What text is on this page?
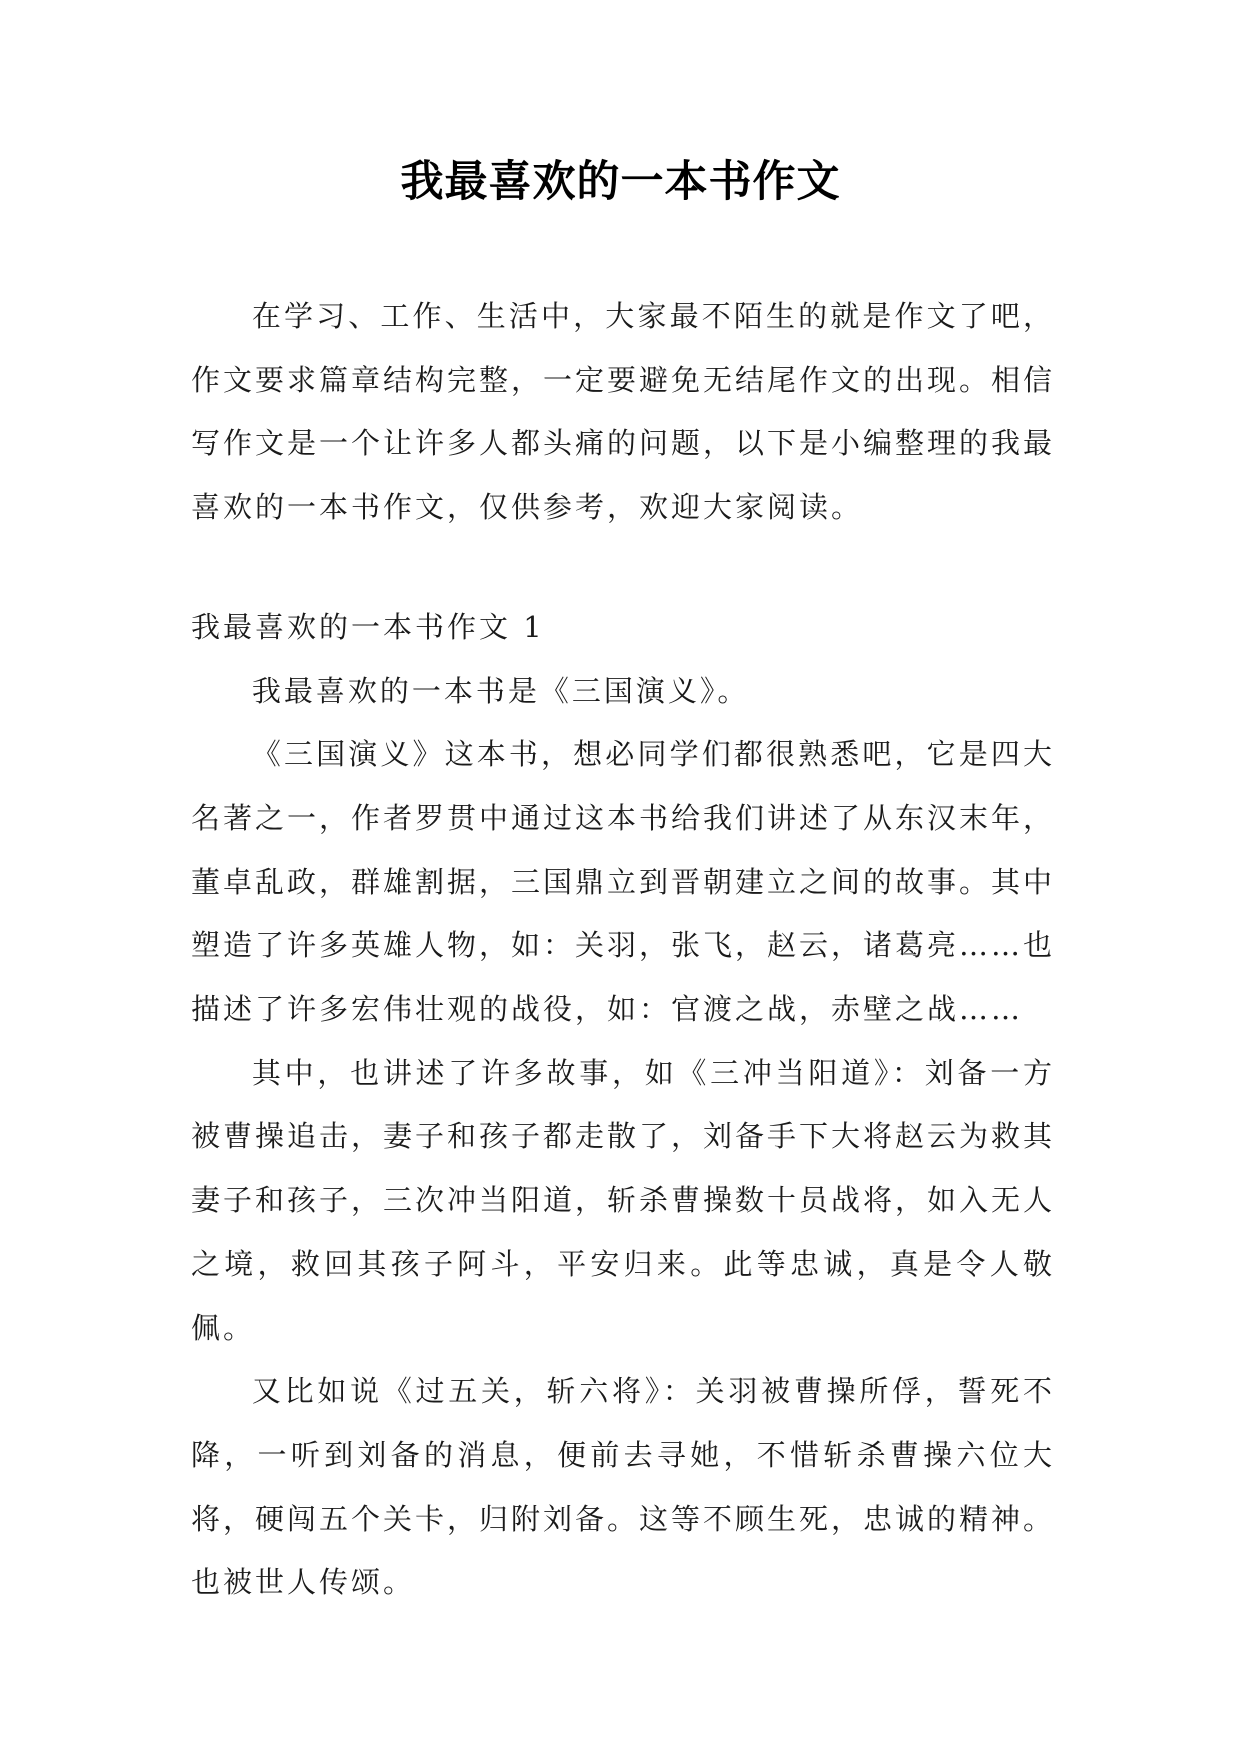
我最喜欢的一本书作文

在学习、工作、生活中，大家最不陌生的就是作文了吧，作文要求篇章结构完整，一定要避免无结尾作文的出现。相信写作文是一个让许多人都头痛的问题，以下是小编整理的我最喜欢的一本书作文，仅供参考，欢迎大家阅读。

我最喜欢的一本书作文 1

我最喜欢的一本书是《三国演义》。

《三国演义》这本书，想必同学们都很熟悉吧，它是四大名著之一，作者罗贯中通过这本书给我们讲述了从东汉末年，董卓乱政，群雄割据，三国鼎立到晋朝建立之间的故事。其中塑造了许多英雄人物，如：关羽，张飞，赵云，诸葛亮……也描述了许多宏伟壮观的战役，如：官渡之战，赤壁之战……

其中，也讲述了许多故事，如《三冲当阳道》：刘备一方被曹操追击，妻子和孩子都走散了，刘备手下大将赵云为救其妻子和孩子，三次冲当阳道，斩杀曹操数十员战将，如入无人之境，救回其孩子阿斗，平安归来。此等忠诚，真是令人敬佩。

又比如说《过五关，斩六将》：关羽被曹操所俘，誓死不降，一听到刘备的消息，便前去寻她，不惜斩杀曹操六位大将，硬闯五个关卡，归附刘备。这等不顾生死，忠诚的精神。也被世人传颂。
